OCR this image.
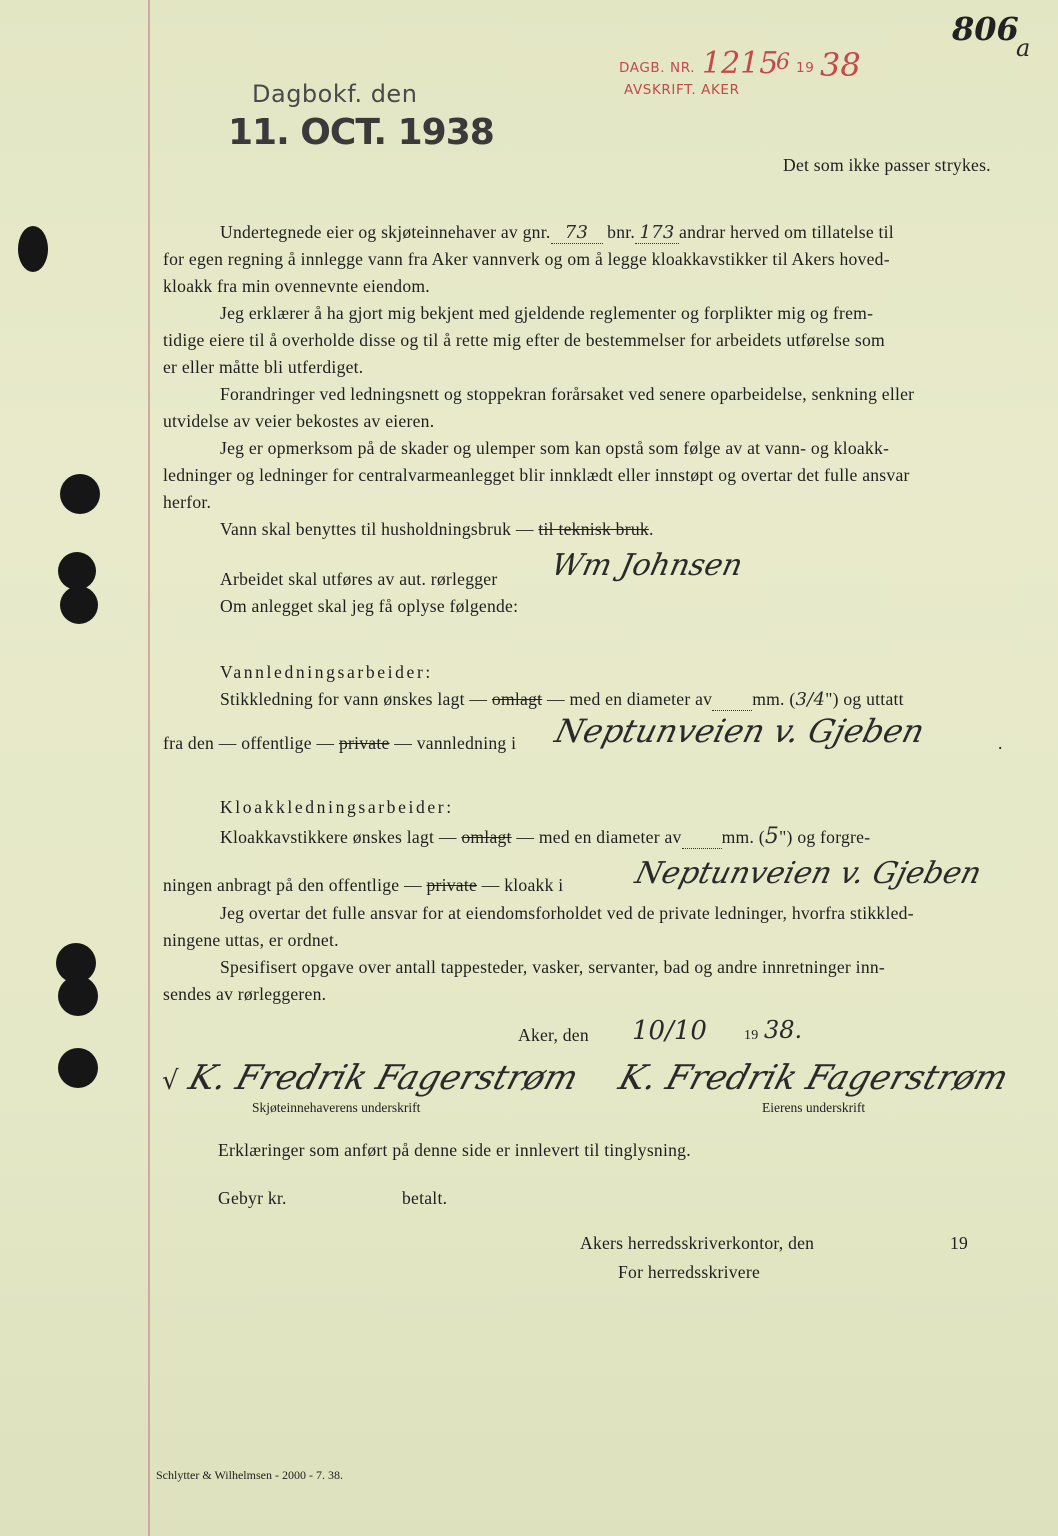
Dagbokf. den
11. OCT. 1938
DAGB. NR. 1215
6 19 38
AVSKRIFT. AKER
806
a
Det som ikke passer strykes.
Undertegnede eier og skjøteinnehaver av gnr. 73 bnr. 173 andrar herved om tillatelse til
for egen regning å innlegge vann fra Aker vannverk og om å legge kloakkavstikker til Akers hoved-
kloakk fra min ovennevnte eiendom.
Jeg erklærer å ha gjort mig bekjent med gjeldende reglementer og forplikter mig og frem-
tidige eiere til å overholde disse og til å rette mig efter de bestemmelser for arbeidets utførelse som
er eller måtte bli utferdiget.
Forandringer ved ledningsnett og stoppekran forårsaket ved senere oparbeidelse, senkning eller
utvidelse av veier bekostes av eieren.
Jeg er opmerksom på de skader og ulemper som kan opstå som følge av at vann- og kloakk-
ledninger og ledninger for centralvarmeanlegget blir innklædt eller innstøpt og overtar det fulle ansvar
herfor.
Vann skal benyttes til husholdningsbruk — til teknisk bruk.
Arbeidet skal utføres av aut. rørlegger Wm Johnsen
Om anlegget skal jeg få oplyse følgende:
Vannledningsarbeider:
Stikkledning for vann ønskes lagt — omlagt — med en diameter av mm. (3/4") og uttatt
fra den — offentlige — private — vannledning i Neptunveien v. Gjeben	.
Kloakkledningsarbeider:
Kloakkavstikkere ønskes lagt — omlagt — med en diameter av mm. (5") og forgre-
ningen anbragt på den offentlige — private — kloakk i Neptunveien v. Gjeben
Jeg overtar det fulle ansvar for at eiendomsforholdet ved de private ledninger, hvorfra stikkled-
ningene uttas, er ordnet.
Spesifisert opgave over antall tappesteder, vasker, servanter, bad og andre innretninger inn-
sendes av rørleggeren.
Aker, den 10/10	19 38.
√ K. Fredrik Fagerstrøm K. Fredrik Fagerstrøm
Skjøteinnehaverens underskrift	Eierens underskrift
Erklæringer som anført på denne side er innlevert til tinglysning.
Gebyr kr.	betalt.
Akers herredsskriverkontor, den	19
For herredsskrivere
Schlytter & Wilhelmsen - 2000 - 7. 38.
